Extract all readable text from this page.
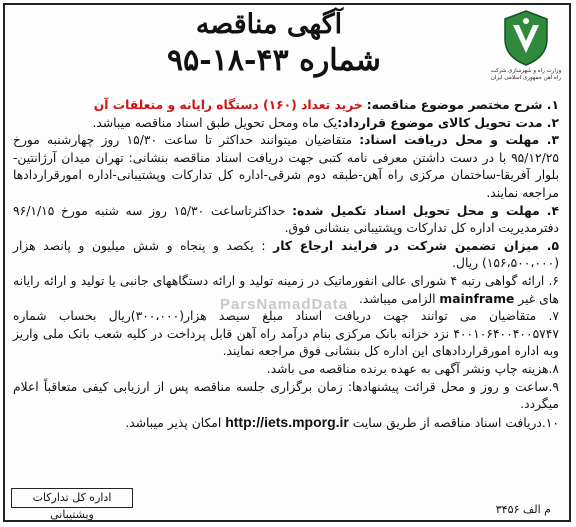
آگهی مناقصه
شماره ۴۳-۱۸-۹۵	وزارت راه و شهرسازی شرکت راه آهن جمهوری اسلامی ایران

۱. شرح مختصر موضوع مناقصه: خرید تعداد (۱۶۰) دستگاه رایانه و متعلقات آن

۲. مدت تحویل کالای موضوع قرارداد:یک ماه ومحل تحویل طبق اسناد مناقصه میباشد.

۳. مهلت و محل دریافت اسناد: متقاضیان میتوانند حداکثر تا ساعت ۱۵/۳۰ روز چهارشنبه مورخ ۹۵/۱۲/۲۵ با در دست داشتن معرفی نامه کتبی جهت دریافت اسناد مناقصه بنشانی: تهران میدان آرژانتین-بلوار آفریقا-ساختمان مرکزی راه آهن-طبقه دوم شرقی-اداره کل تدارکات وپشتیبانی-اداره امورقراردادها مراجعه نمایند.

۴. مهلت و محل تحویل اسناد تکمیل شده: حداکثرتاساعت ۱۵/۳۰ روز سه شنبه مورخ ۹۶/۱/۱۵ دفترمدیریت اداره کل تدارکات وپشتیبانی بنشانی فوق.

۵. میزان تضمین شرکت در فرایند ارجاع کار : یکصد و پنجاه و شش میلیون و پانصد هزار (۱۵۶،۵۰۰،۰۰۰) ریال.

۶. ارائه گواهی رتبه ۴ شورای عالی انفورماتیک در زمینه تولید و ارائه دستگاههای جانبی یا تولید و ارائه رایانه های غیر mainframe الزامی میباشد.

۷. متقاضیان می توانند جهت دریافت اسناد مبلغ سیصد هزار(۳۰۰،۰۰۰)ریال بحساب شماره ۴۰۰۱۰۶۴۰۰۴۰۰۵۷۴۷ نزد خزانه بانک مرکزی بنام درآمد راه آهن قابل پرداخت در کلیه شعب بانک ملی واریز وبه اداره امورقراردادهای این اداره کل بنشانی فوق مراجعه نمایند.

۸.هزینه چاپ ونشر آگهی به عهده برنده مناقصه می باشد.

۹.ساعت و روز و محل قرائت پیشنهادها: زمان برگزاری جلسه مناقصه پس از ارزیابی کیفی متعاقباً اعلام میگردد.

۱۰.دریافت اسناد مناقصه از طریق سایت http://iets.mporg.ir امکان پذیر میباشد.

ParsNamadData
اداره کل تدارکات وپشتیبانی	م الف ۳۴۵۶
